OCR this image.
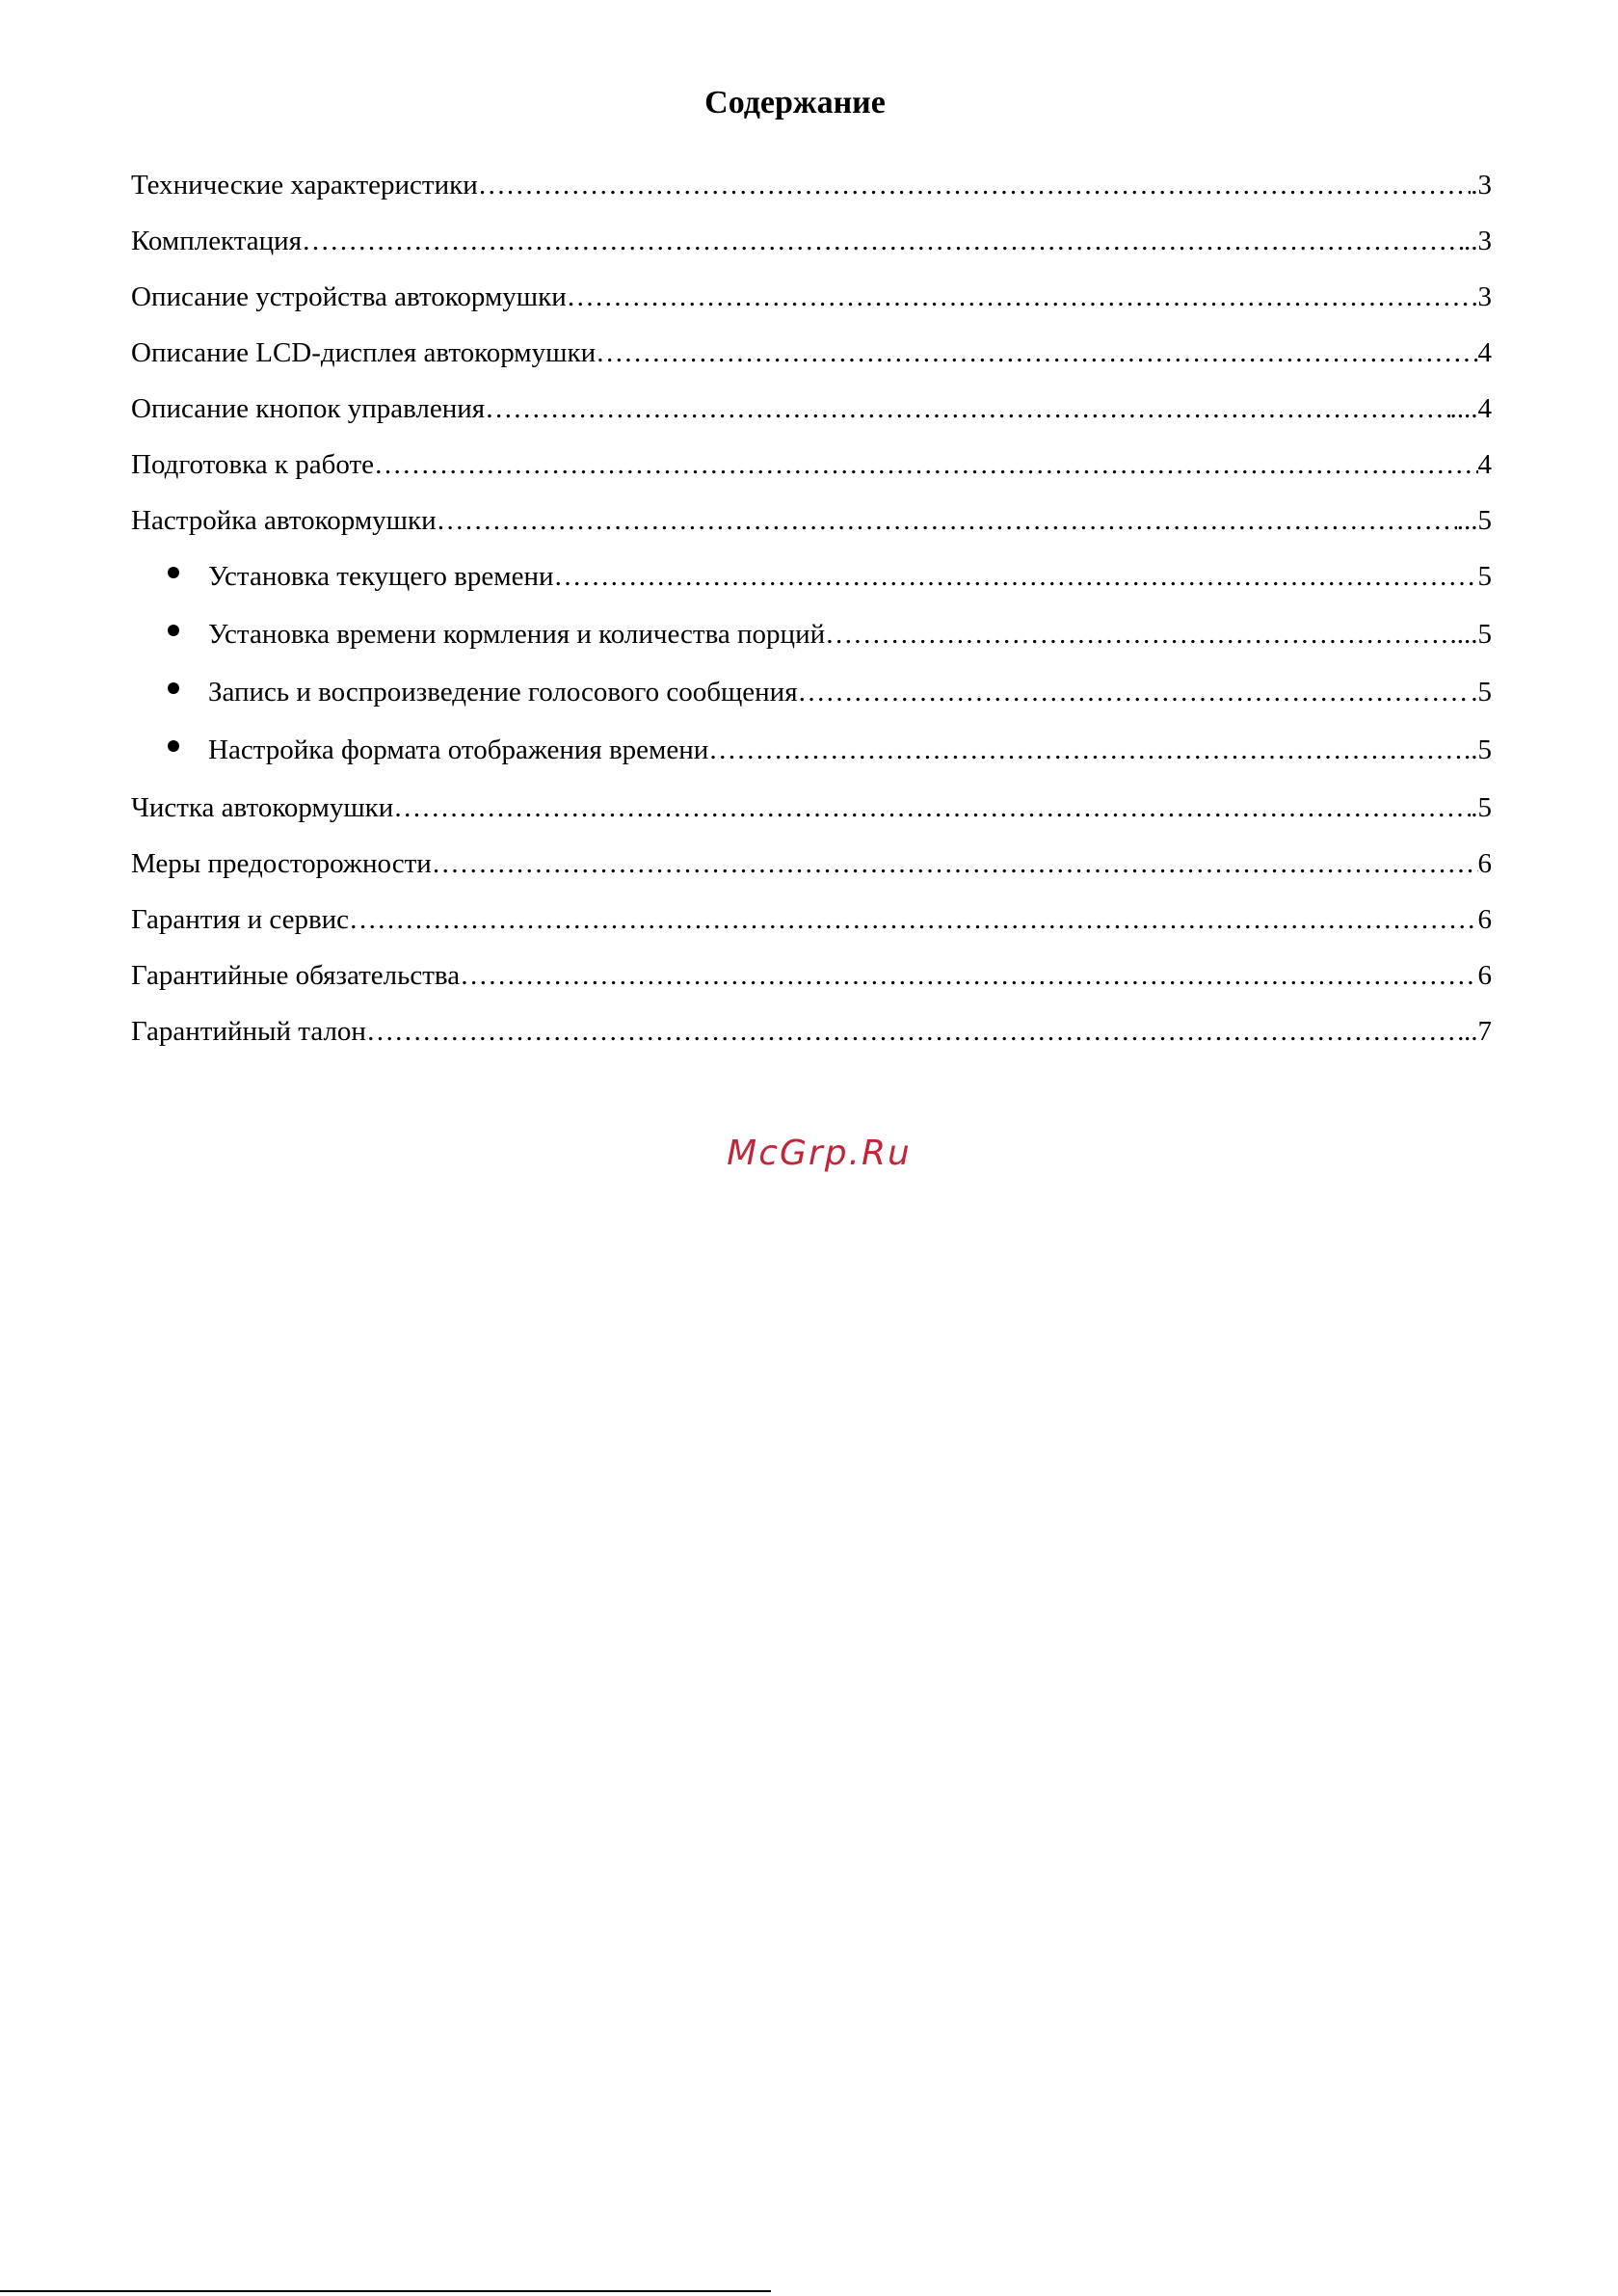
Содержание
Технические характеристики …………………………………………………………………………………………………………………………………………………………………………………………………………………………………………………………………………	.3
Комплектация …………………………………………………………………………………………………………………………………………………………………………………………………………………………………………………………………………	..3
Описание устройства автокормушки …………………………………………………………………………………………………………………………………………………………………………………………………………………………………………………………………………	3
Описание LCD-дисплея автокормушки …………………………………………………………………………………………………………………………………………………………………………………………………………………………………………………………………………	4
Описание кнопок управления …………………………………………………………………………………………………………………………………………………………………………………………………………………………………………………………………………	....4
Подготовка к работе …………………………………………………………………………………………………………………………………………………………………………………………………………………………………………………………………………	4
Настройка автокормушки …………………………………………………………………………………………………………………………………………………………………………………………………………………………………………………………………………	...5
Установка текущего времени …………………………………………………………………………………………………………………………………………………………………………………………………………………………………………………………………………	5
Установка времени кормления и количества порций …………………………………………………………………………………………………………………………………………………………………………………………………………………………………………………………………………	....5
Запись и воспроизведение голосового сообщения …………………………………………………………………………………………………………………………………………………………………………………………………………………………………………………………………………	.5
Настройка формата отображения времени …………………………………………………………………………………………………………………………………………………………………………………………………………………………………………………………………………	..5
Чистка автокормушки …………………………………………………………………………………………………………………………………………………………………………………………………………………………………………………………………………	.5
Меры предосторожности …………………………………………………………………………………………………………………………………………………………………………………………………………………………………………………………………………	6
Гарантия и сервис …………………………………………………………………………………………………………………………………………………………………………………………………………………………………………………………………………	6
Гарантийные обязательства …………………………………………………………………………………………………………………………………………………………………………………………………………………………………………………………………………	6
Гарантийный талон …………………………………………………………………………………………………………………………………………………………………………………………………………………………………………………………………………	..7
McGrp.Ru
